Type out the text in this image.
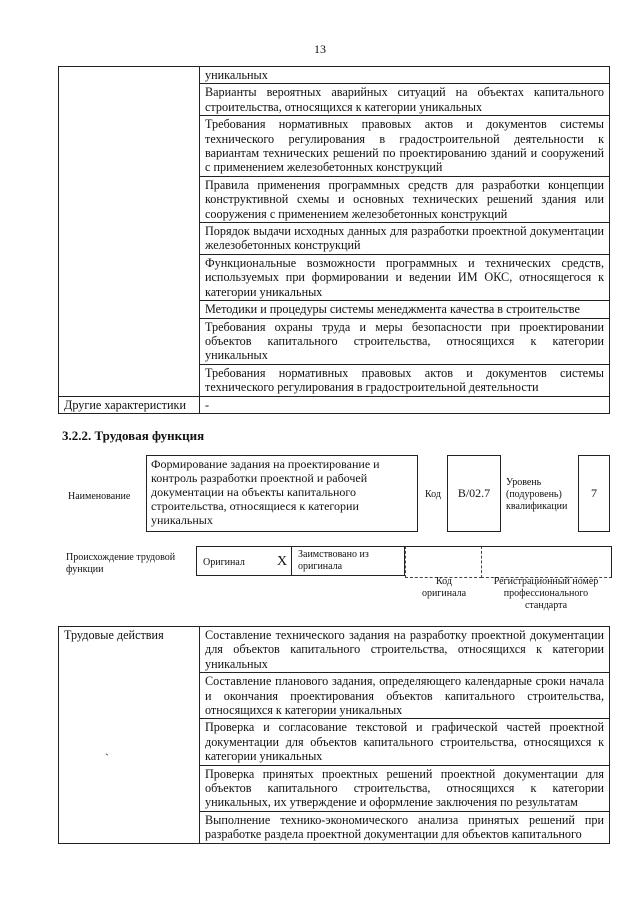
13
	уникальных
	Варианты вероятных аварийных ситуаций на объектах капитального строительства, относящихся к категории уникальных
	Требования нормативных правовых актов и документов системы технического регулирования в градостроительной деятельности к вариантам технических решений по проектированию зданий и сооружений с применением железобетонных конструкций
	Правила применения программных средств для разработки концепции конструктивной схемы и основных технических решений здания или сооружения с применением железобетонных конструкций
	Порядок выдачи исходных данных для разработки проектной документации железобетонных конструкций
	Функциональные возможности программных и технических средств, используемых при формировании и ведении ИМ ОКС, относящегося к категории уникальных
	Методики и процедуры системы менеджмента качества в строительстве
	Требования охраны труда и меры безопасности при проектировании объектов капитального строительства, относящихся к категории уникальных
	Требования нормативных правовых актов и документов системы технического регулирования в градостроительной деятельности
Другие характеристики	-
3.2.2. Трудовая функция
Наименование
Формирование задания на проектирование и контроль разработки проектной и рабочей документации на объекты капитального строительства, относящиеся к категории уникальных
Код B/02.7
Уровень (подуровень) квалификации
7
Происхождение трудовой функции
Оригинал X Заимствовано из оригинала
Код оригинала
Регистрационный номер профессионального стандарта
Трудовые действия
`
	Составление технического задания на разработку проектной документации для объектов капитального строительства, относящихся к категории уникальных
Составление планового задания, определяющего календарные сроки начала и окончания проектирования объектов капитального строительства, относящихся к категории уникальных
Проверка и согласование текстовой и графической частей проектной документации для объектов капитального строительства, относящихся к категории уникальных
Проверка принятых проектных решений проектной документации для объектов капитального строительства, относящихся к категории уникальных, их утверждение и оформление заключения по результатам
Выполнение технико-экономического анализа принятых решений при разработке раздела проектной документации для объектов капитального
